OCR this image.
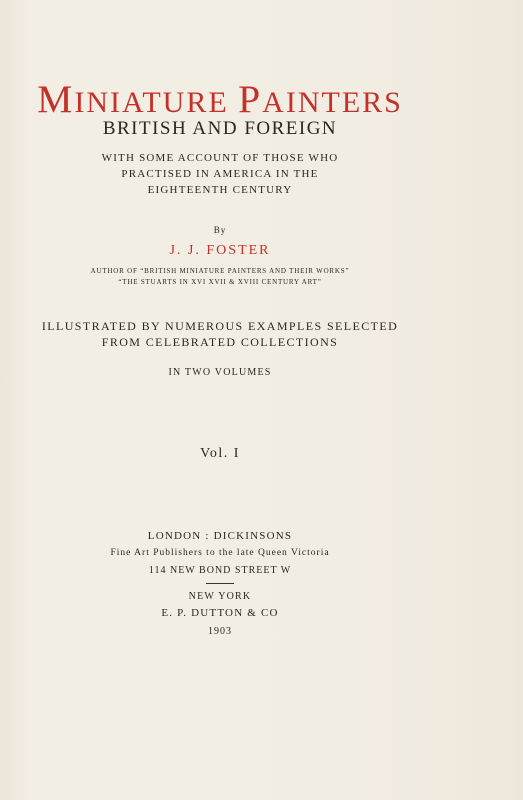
MINIATURE PAINTERS
BRITISH AND FOREIGN
WITH SOME ACCOUNT OF THOSE WHO
PRACTISED IN AMERICA IN THE
EIGHTEENTH CENTURY
By
J. J. FOSTER
AUTHOR OF “BRITISH MINIATURE PAINTERS AND THEIR WORKS”
“THE STUARTS IN XVI XVII & XVIII CENTURY ART”
ILLUSTRATED BY NUMEROUS EXAMPLES SELECTED
FROM CELEBRATED COLLECTIONS
IN TWO VOLUMES
Vol. I
LONDON : DICKINSONS
Fine Art Publishers to the late Queen Victoria
114 NEW BOND STREET W
NEW YORK
E. P. DUTTON & CO
1903
